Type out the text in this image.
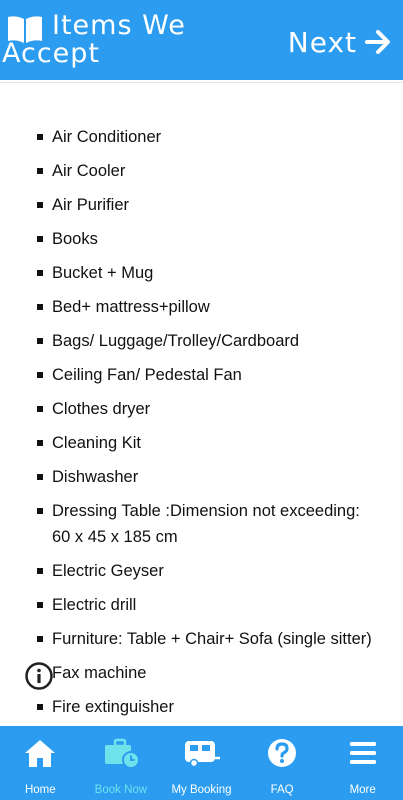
Items We Accept	Next
Air Conditioner
Air Cooler
Air Purifier
Books
Bucket + Mug
Bed+ mattress+pillow
Bags/ Luggage/Trolley/Cardboard
Ceiling Fan/ Pedestal Fan
Clothes dryer
Cleaning Kit
Dishwasher
Dressing Table :Dimension not exceeding: 60 x 45 x 185 cm
Electric Geyser
Electric drill
Furniture: Table + Chair+ Sofa (single sitter)
Fax machine
Fire extinguisher
Home	Book Now My Booking	FAQ	More
